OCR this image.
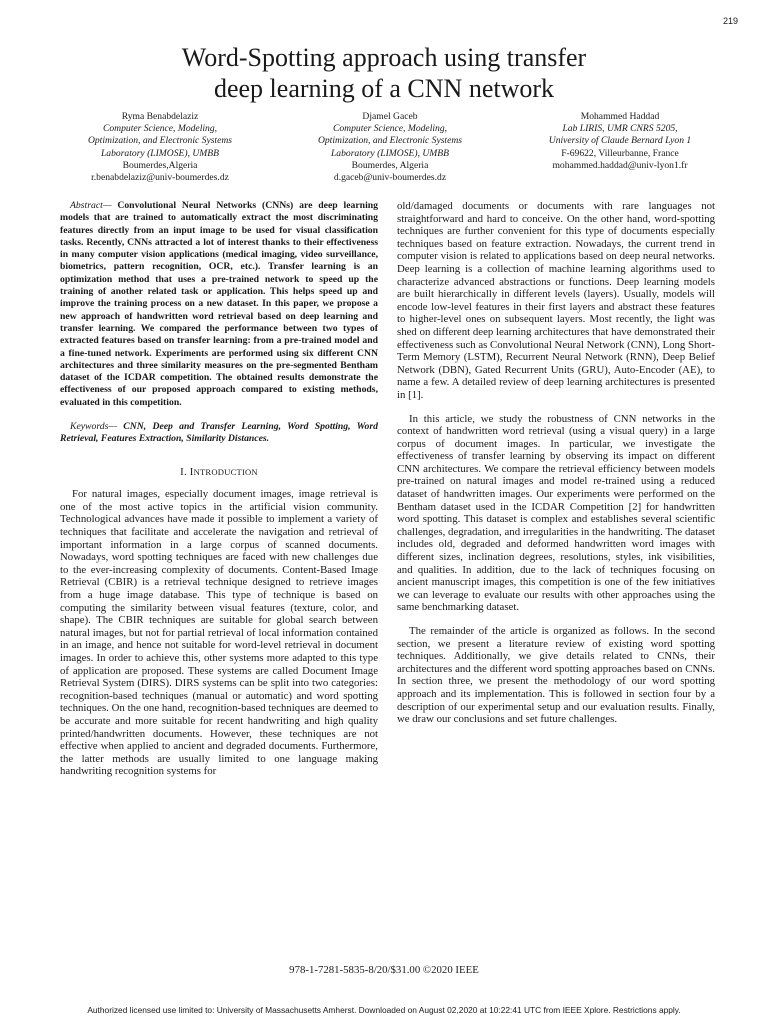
219
Word-Spotting approach using transfer
deep learning of a CNN network
Ryma Benabdelaziz
Computer Science, Modeling,
Optimization, and Electronic Systems
Laboratory (LIMOSE), UMBB
Boumerdes,Algeria
r.benabdelaziz@univ-boumerdes.dz
Djamel Gaceb
Computer Science, Modeling,
Optimization, and Electronic Systems
Laboratory (LIMOSE), UMBB
Boumerdes, Algeria
d.gaceb@univ-boumerdes.dz
Mohammed Haddad
Lab LIRIS, UMR CNRS 5205,
University of Claude Bernard Lyon 1
F-69622, Villeurbanne, France
mohammed.haddad@univ-lyon1.fr

Abstract— Convolutional Neural Networks (CNNs) are deep learning models that are trained to automatically extract the most discriminating features directly from an input image to be used for visual classification tasks. Recently, CNNs attracted a lot of interest thanks to their effectiveness in many computer vision applications (medical imaging, video surveillance, biometrics, pattern recognition, OCR, etc.). Transfer learning is an optimization method that uses a pre-trained network to speed up the training of another related task or application. This helps speed up and improve the training process on a new dataset. In this paper, we propose a new approach of handwritten word retrieval based on deep learning and transfer learning. We compared the performance between two types of extracted features based on transfer learning: from a pre-trained model and a fine-tuned network. Experiments are performed using six different CNN architectures and three similarity measures on the pre-segmented Bentham dataset of the ICDAR competition. The obtained results demonstrate the effectiveness of our proposed approach compared to existing methods, evaluated in this competition.

Keywords— CNN, Deep and Transfer Learning, Word Spotting, Word Retrieval, Features Extraction, Similarity Distances.

I. INTRODUCTION

For natural images, especially document images, image retrieval is one of the most active topics in the artificial vision community. Technological advances have made it possible to implement a variety of techniques that facilitate and accelerate the navigation and retrieval of important information in a large corpus of scanned documents. Nowadays, word spotting techniques are faced with new challenges due to the ever-increasing complexity of documents. Content-Based Image Retrieval (CBIR) is a retrieval technique designed to retrieve images from a huge image database. This type of technique is based on computing the similarity between visual features (texture, color, and shape). The CBIR techniques are suitable for global search between natural images, but not for partial retrieval of local information contained in an image, and hence not suitable for word-level retrieval in document images. In order to achieve this, other systems more adapted to this type of application are proposed. These systems are called Document Image Retrieval System (DIRS). DIRS systems can be split into two categories: recognition-based techniques (manual or automatic) and word spotting techniques. On the one hand, recognition-based techniques are deemed to be accurate and more suitable for recent handwriting and high quality printed/handwritten documents. However, these techniques are not effective when applied to ancient and degraded documents. Furthermore, the latter methods are usually limited to one language making handwriting recognition systems for

old/damaged documents or documents with rare languages not straightforward and hard to conceive. On the other hand, word-spotting techniques are further convenient for this type of documents especially techniques based on feature extraction. Nowadays, the current trend in computer vision is related to applications based on deep neural networks. Deep learning is a collection of machine learning algorithms used to characterize advanced abstractions or functions. Deep learning models are built hierarchically in different levels (layers). Usually, models will encode low-level features in their first layers and abstract these features to higher-level ones on subsequent layers. Most recently, the light was shed on different deep learning architectures that have demonstrated their effectiveness such as Convolutional Neural Network (CNN), Long Short-Term Memory (LSTM), Recurrent Neural Network (RNN), Deep Belief Network (DBN), Gated Recurrent Units (GRU), Auto-Encoder (AE), to name a few. A detailed review of deep learning architectures is presented in [1].

In this article, we study the robustness of CNN networks in the context of handwritten word retrieval (using a visual query) in a large corpus of document images. In particular, we investigate the effectiveness of transfer learning by observing its impact on different CNN architectures. We compare the retrieval efficiency between models pre-trained on natural images and model re-trained using a reduced dataset of handwritten images. Our experiments were performed on the Bentham dataset used in the ICDAR Competition [2] for handwritten word spotting. This dataset is complex and establishes several scientific challenges, degradation, and irregularities in the handwriting. The dataset includes old, degraded and deformed handwritten word images with different sizes, inclination degrees, resolutions, styles, ink visibilities, and qualities. In addition, due to the lack of techniques focusing on ancient manuscript images, this competition is one of the few initiatives we can leverage to evaluate our results with other approaches using the same benchmarking dataset.

The remainder of the article is organized as follows. In the second section, we present a literature review of existing word spotting techniques. Additionally, we give details related to CNNs, their architectures and the different word spotting approaches based on CNNs. In section three, we present the methodology of our word spotting approach and its implementation. This is followed in section four by a description of our experimental setup and our evaluation results. Finally, we draw our conclusions and set future challenges.

978-1-7281-5835-8/20/$31.00 ©2020 IEEE
Authorized licensed use limited to: University of Massachusetts Amherst. Downloaded on August 02,2020 at 10:22:41 UTC from IEEE Xplore. Restrictions apply.
